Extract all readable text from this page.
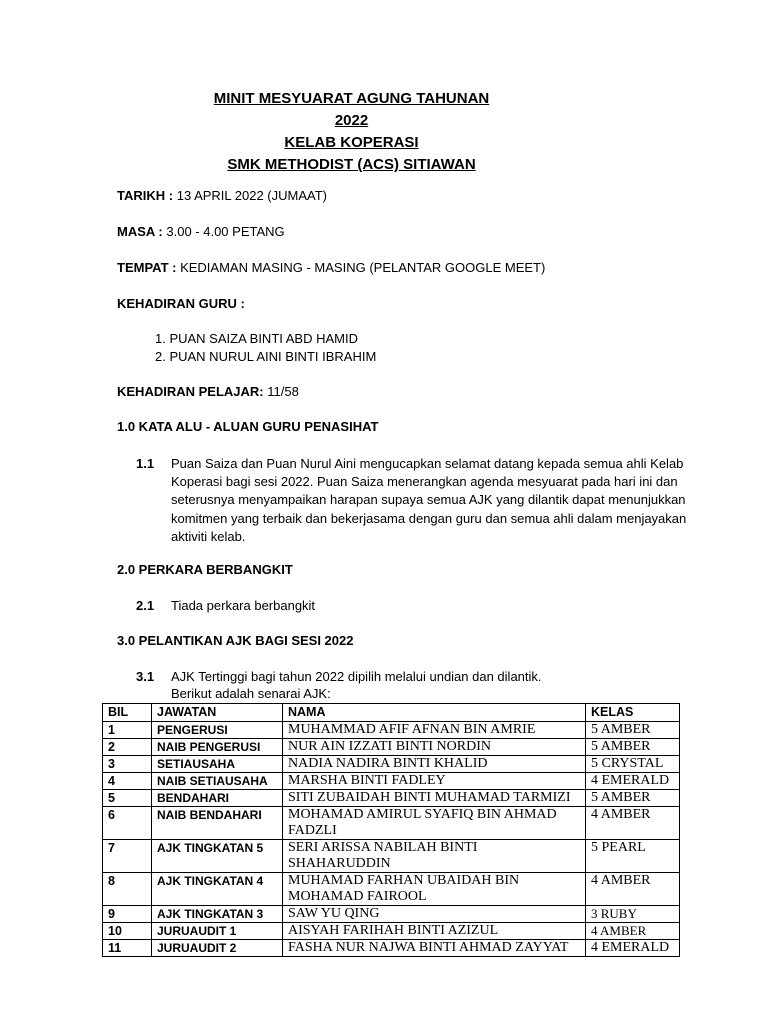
MINIT MESYUARAT AGUNG TAHUNAN
2022
KELAB KOPERASI
SMK METHODIST (ACS) SITIAWAN
TARIKH : 13 APRIL 2022 (JUMAAT)
MASA : 3.00 - 4.00 PETANG
TEMPAT : KEDIAMAN MASING - MASING (PELANTAR GOOGLE MEET)
KEHADIRAN GURU :
1. PUAN SAIZA BINTI ABD HAMID
2. PUAN NURUL AINI BINTI IBRAHIM
KEHADIRAN PELAJAR: 11/58
1.0 KATA ALU - ALUAN GURU PENASIHAT
1.1 Puan Saiza dan Puan Nurul Aini mengucapkan selamat datang kepada semua ahli Kelab Koperasi bagi sesi 2022. Puan Saiza menerangkan agenda mesyuarat pada hari ini dan seterusnya menyampaikan harapan supaya semua AJK yang dilantik dapat menunjukkan komitmen yang terbaik dan bekerjasama dengan guru dan semua ahli dalam menjayakan aktiviti kelab.
2.0 PERKARA BERBANGKIT
2.1 Tiada perkara berbangkit
3.0 PELANTIKAN AJK BAGI SESI 2022
3.1 AJK Tertinggi bagi tahun 2022 dipilih melalui undian dan dilantik.
Berikut adalah senarai AJK:
BIL	JAWATAN	NAMA	KELAS
1	PENGERUSI	MUHAMMAD AFIF AFNAN BIN AMRIE	5 AMBER
2	NAIB PENGERUSI	NUR AIN IZZATI BINTI NORDIN	5 AMBER
3	SETIAUSAHA	NADIA NADIRA BINTI KHALID	5 CRYSTAL
4	NAIB SETIAUSAHA	MARSHA BINTI FADLEY	4 EMERALD
5	BENDAHARI	SITI ZUBAIDAH BINTI MUHAMAD TARMIZI	5 AMBER
6	NAIB BENDAHARI	MOHAMAD AMIRUL SYAFIQ BIN AHMAD FADZLI	4 AMBER
7	AJK TINGKATAN 5	SERI ARISSA NABILAH BINTI SHAHARUDDIN	5 PEARL
8	AJK TINGKATAN 4	MUHAMAD FARHAN UBAIDAH BIN MOHAMAD FAIROOL	4 AMBER
9	AJK TINGKATAN 3	SAW YU QING	3 RUBY
10	JURUAUDIT 1	AISYAH FARIHAH BINTI AZIZUL	4 AMBER
11	JURUAUDIT 2	FASHA NUR NAJWA BINTI AHMAD ZAYYAT	4 EMERALD
